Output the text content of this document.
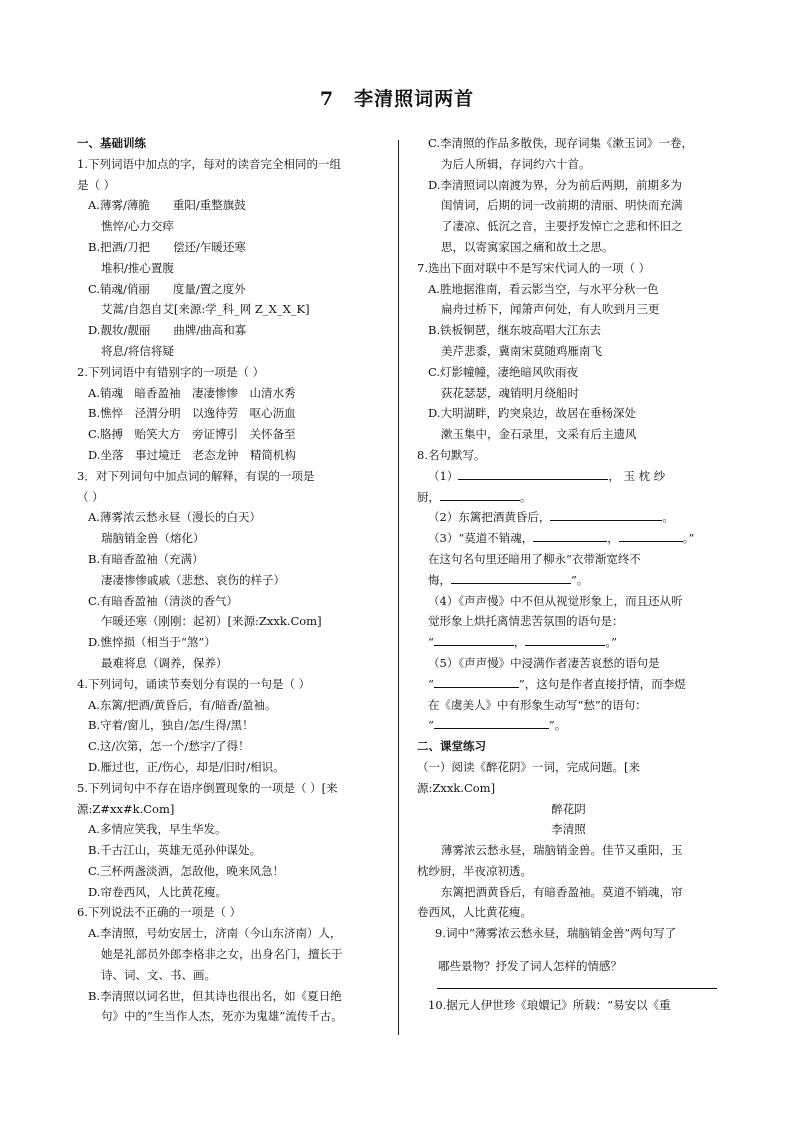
7　李清照词两首

一、基础训练

1.下列词语中加点的字，每对的读音完全相同的一组

是（ ）

A.薄雾/薄脆　　重阳/重整旗鼓

憔悴/心力交瘁

B.把酒/刀把　　偿还/乍暖还寒

堆积/推心置腹

C.销魂/俏丽　　度量/置之度外

艾蒿/自怨自艾[来源:学_科_网 Z_X_X_K]

D.靓妆/靓丽　　曲牌/曲高和寡

将息/将信将疑

2.下列词语中有错别字的一项是（ ）

A.销魂　暗香盈袖　凄凄惨惨　山清水秀

B.憔悴　泾渭分明　以逸待劳　呕心沥血

C.胳搏　贻笑大方　旁证博引　关怀备至

D.坐落　事过境迁　老态龙钟　精简机构

3．对下列词句中加点词的解释，有误的一项是

（ ）

A.薄雾浓云愁永昼（漫长的白天）

瑞脑销金兽（熔化）

B.有暗香盈袖（充满）

凄凄惨惨戚戚（悲愁、哀伤的样子）

C.有暗香盈袖（清淡的香气）

乍暖还寒（刚刚：起初）[来源:Zxxk.Com]

D.憔悴损（相当于“煞”）

最难将息（调养，保养）

4.下列词句，诵读节奏划分有误的一句是（ ）

A.东篱/把酒/黄昏后，有/暗香/盈袖。

B.守着/窗儿，独自/怎/生得/黑！

C.这/次第，怎一个/愁字/了得！

D.雁过也，正/伤心，却是/旧时/相识。

5.下列词句中不存在语序倒置现象的一项是（ ）[来

源:Z#xx#k.Com]

A.多情应笑我，早生华发。

B.千古江山，英雄无觅孙仲谋处。

C.三杯两盏淡酒，怎敌他，晚来风急！

D.帘卷西风，人比黄花瘦。

6.下列说法不正确的一项是（ ）

A.李清照，号幼安居士，济南（今山东济南）人，

她是礼部员外郎李格非之女，出身名门，擅长于

诗、词、文、书、画。

B.李清照以词名世，但其诗也很出名，如《夏日绝

句》中的“生当作人杰，死亦为鬼雄”流传千古。

C.李清照的作品多散佚，现存词集《漱玉词》一卷，

为后人所辑，存词约六十首。

D.李清照词以南渡为界，分为前后两期，前期多为

闺情词，后期的词一改前期的清丽、明快而充满

了凄凉、低沉之音，主要抒发悼亡之悲和怀旧之

思，以寄寓家国之痛和故土之思。

7.选出下面对联中不是写宋代词人的一项（ ）

A.胜地据淮南，看云影当空，与水平分秋一色

扁舟过桥下，闻箫声何处，有人吹到月三更

B.铁板铜琶，继东坡高唱大江东去

美芹悲黍，冀南宋莫随鸡雁南飞

C.灯影幢幢，凄绝暗风吹雨夜

荻花瑟瑟，魂销明月绕船时

D.大明湖畔，趵突泉边，故居在垂杨深处

漱玉集中，金石录里，文采有后主遗风

8.名句默写。

（1）	， 玉 枕 纱

厨，	。

（2）东篱把酒黄昏后，	。

（3）“莫道不销魂，	，	。”

在这句名句里还暗用了柳永“衣带渐宽终不

悔，	”。

（4）《声声慢》中不但从视觉形象上，而且还从听

觉形象上烘托离情悲苦氛围的语句是：

“	，	。”

（5）《声声慢》中浸满作者凄苦哀愁的语句是

“	”，这句是作者直接抒情，而李煜

在《虞美人》中有形象生动写“愁”的语句：

“	”。

二、课堂练习

（一）阅读《醉花阴》一词，完成问题。[来

源:Zxxk.Com]

醉花阴

李清照

薄雾浓云愁永昼，瑞脑销金兽。佳节又重阳，玉

枕纱厨，半夜凉初透。

东篱把酒黄昏后，有暗香盈袖。莫道不销魂，帘

卷西风，人比黄花瘦。

9.词中“薄雾浓云愁永昼，瑞脑销金兽”两句写了

哪些景物？抒发了词人怎样的情感？

10.据元人伊世珍《琅嬛记》所载：“易安以《重
